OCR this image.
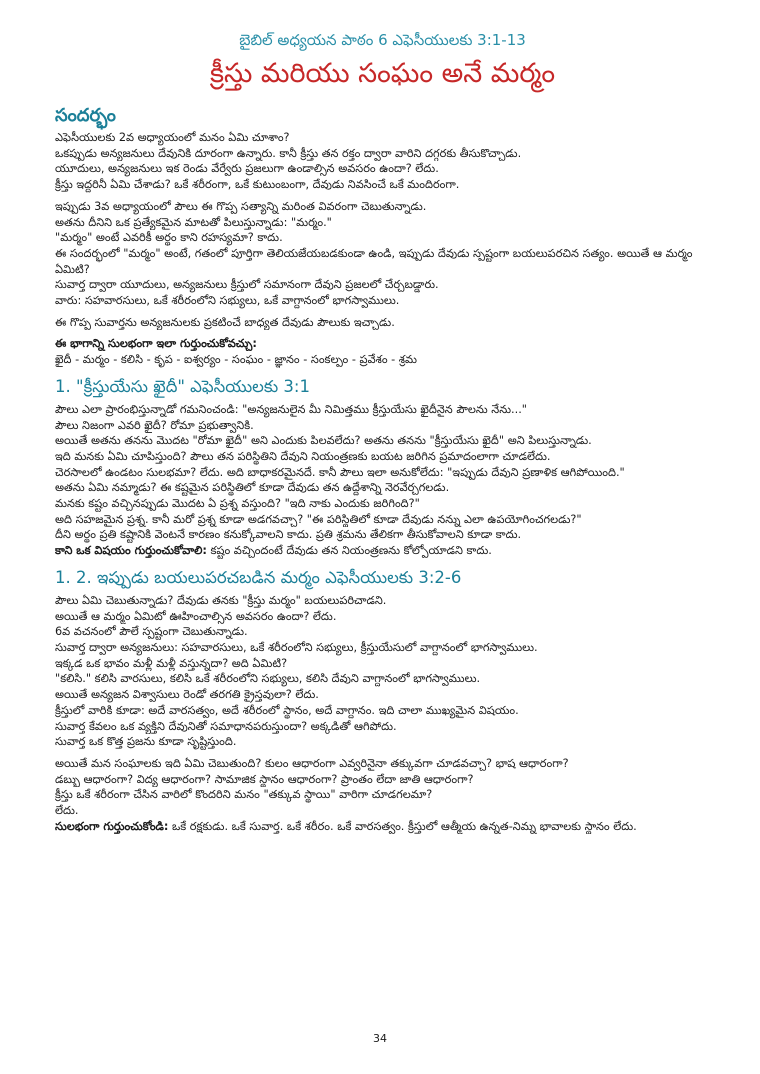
బైబిల్ అధ్యయన పాఠం 6 ఎఫెసీయులకు 3:1-13
క్రీస్తు మరియు సంఘం అనే మర్మం
సందర్భం
ఎఫెసీయులకు 2వ అధ్యాయంలో మనం ఏమి చూశాం?
ఒకప్పుడు అన్యజనులు దేవునికి దూరంగా ఉన్నారు. కానీ క్రీస్తు తన రక్తం ద్వారా వారిని దగ్గరకు తీసుకొచ్చాడు.
యూదులు, అన్యజనులు ఇక రెండు వేర్వేరు ప్రజలుగా ఉండాల్సిన అవసరం ఉందా? లేదు.
క్రీస్తు ఇద్దరినీ ఏమి చేశాడు? ఒకే శరీరంగా, ఒకే కుటుంబంగా, దేవుడు నివసించే ఒకే మందిరంగా.
ఇప్పుడు 3వ అధ్యాయంలో పౌలు ఈ గొప్ప సత్యాన్ని మరింత వివరంగా చెబుతున్నాడు.
అతను దీనిని ఒక ప్రత్యేకమైన మాటతో పిలుస్తున్నాడు: "మర్మం."
"మర్మం" అంటే ఎవరికీ అర్థం కాని రహస్యమా? కాదు.
ఈ సందర్భంలో "మర్మం" అంటే, గతంలో పూర్తిగా తెలియజేయబడకుండా ఉండి, ఇప్పుడు దేవుడు స్పష్టంగా బయలుపరచిన సత్యం. అయితే ఆ మర్మం ఏమిటి?
సువార్త ద్వారా యూదులు, అన్యజనులు క్రీస్తులో సమానంగా దేవుని ప్రజలలో చేర్చబడ్డారు.
వారు: సహవారసులు, ఒకే శరీరంలోని సభ్యులు, ఒకే వాగ్దానంలో భాగస్వాములు.
ఈ గొప్ప సువార్తను అన్యజనులకు ప్రకటించే బాధ్యత దేవుడు పౌలుకు ఇచ్చాడు.
ఈ భాగాన్ని సులభంగా ఇలా గుర్తుంచుకోవచ్చు:
ఖైదీ - మర్మం - కలిసి - కృప - ఐశ్వర్యం - సంఘం - జ్ఞానం - సంకల్పం - ప్రవేశం - శ్రమ
1. "క్రీస్తుయేసు ఖైదీ" ఎఫెసీయులకు 3:1
పౌలు ఎలా ప్రారంభిస్తున్నాడో గమనించండి: "అన్యజనులైన మీ నిమిత్తము క్రీస్తుయేసు ఖైదీనైన పౌలను నేను..."
పౌలు నిజంగా ఎవరి ఖైదీ? రోమా ప్రభుత్వానికి.
అయితే అతను తనను మొదట "రోమా ఖైదీ" అని ఎందుకు పిలవలేదు? అతను తనను "క్రీస్తుయేసు ఖైదీ" అని పిలుస్తున్నాడు.
ఇది మనకు ఏమి చూపిస్తుంది? పౌలు తన పరిస్థితిని దేవుని నియంత్రణకు బయట జరిగిన ప్రమాదంలాగా చూడలేదు.
చెరసాలలో ఉండటం సులభమా? లేదు. అది బాధాకరమైనదే. కానీ పౌలు ఇలా అనుకోలేదు: "ఇప్పుడు దేవుని ప్రణాళిక ఆగిపోయింది."
అతను ఏమి నమ్మాడు? ఈ కష్టమైన పరిస్థితిలో కూడా దేవుడు తన ఉద్దేశాన్ని నెరవేర్చగలడు.
మనకు కష్టం వచ్చినప్పుడు మొదట ఏ ప్రశ్న వస్తుంది? "ఇది నాకు ఎందుకు జరిగింది?"
అది సహజమైన ప్రశ్న. కానీ మరో ప్రశ్న కూడా అడగవచ్చా? "ఈ పరిస్థితిలో కూడా దేవుడు నన్ను ఎలా ఉపయోగించగలడు?"
దీని అర్థం ప్రతి కష్టానికి వెంటనే కారణం కనుక్కోవాలని కాదు. ప్రతి శ్రమను తేలికగా తీసుకోవాలని కూడా కాదు.
కాని ఒక విషయం గుర్తుంచుకోవాలి: కష్టం వచ్చిందంటే దేవుడు తన నియంత్రణను కోల్పోయాడని కాదు.
1. 2. ఇప్పుడు బయలుపరచబడిన మర్మం ఎఫెసీయులకు 3:2-6
పౌలు ఏమి చెబుతున్నాడు? దేవుడు తనకు "క్రీస్తు మర్మం" బయలుపరిచాడని.
అయితే ఆ మర్మం ఏమిటో ఊహించాల్సిన అవసరం ఉందా? లేదు.
6వ వచనంలో పౌలే స్పష్టంగా చెబుతున్నాడు.
సువార్త ద్వారా అన్యజనులు: సహవారసులు, ఒకే శరీరంలోని సభ్యులు, క్రీస్తుయేసులో వాగ్దానంలో భాగస్వాములు.
ఇక్కడ ఒక భావం మళ్లీ మళ్లీ వస్తున్నదా? అది ఏమిటి?
"కలిసి." కలిసి వారసులు, కలిసి ఒకే శరీరంలోని సభ్యులు, కలిసి దేవుని వాగ్దానంలో భాగస్వాములు.
అయితే అన్యజన విశ్వాసులు రెండో తరగతి క్రైస్తవులా? లేదు.
క్రీస్తులో వారికి కూడా: అదే వారసత్వం, అదే శరీరంలో స్థానం, అదే వాగ్దానం. ఇది చాలా ముఖ్యమైన విషయం.
సువార్త కేవలం ఒక వ్యక్తిని దేవునితో సమాధానపరుస్తుందా? అక్కడితో ఆగిపోదు.
సువార్త ఒక కొత్త ప్రజను కూడా సృష్టిస్తుంది.
అయితే మన సంఘాలకు ఇది ఏమి చెబుతుంది? కులం ఆధారంగా ఎవ్వరినైనా తక్కువగా చూడవచ్చా? భాష ఆధారంగా?
డబ్బు ఆధారంగా? విద్య ఆధారంగా? సామాజిక స్థానం ఆధారంగా? ప్రాంతం లేదా జాతి ఆధారంగా?
క్రీస్తు ఒకే శరీరంగా చేసిన వారిలో కొందరిని మనం "తక్కువ స్థాయి" వారిగా చూడగలమా?
లేదు.
సులభంగా గుర్తుంచుకోండి: ఒకే రక్షకుడు. ఒకే సువార్త. ఒకే శరీరం. ఒకే వారసత్వం. క్రీస్తులో ఆత్మీయ ఉన్నత-నిమ్న భావాలకు స్థానం లేదు.
34
